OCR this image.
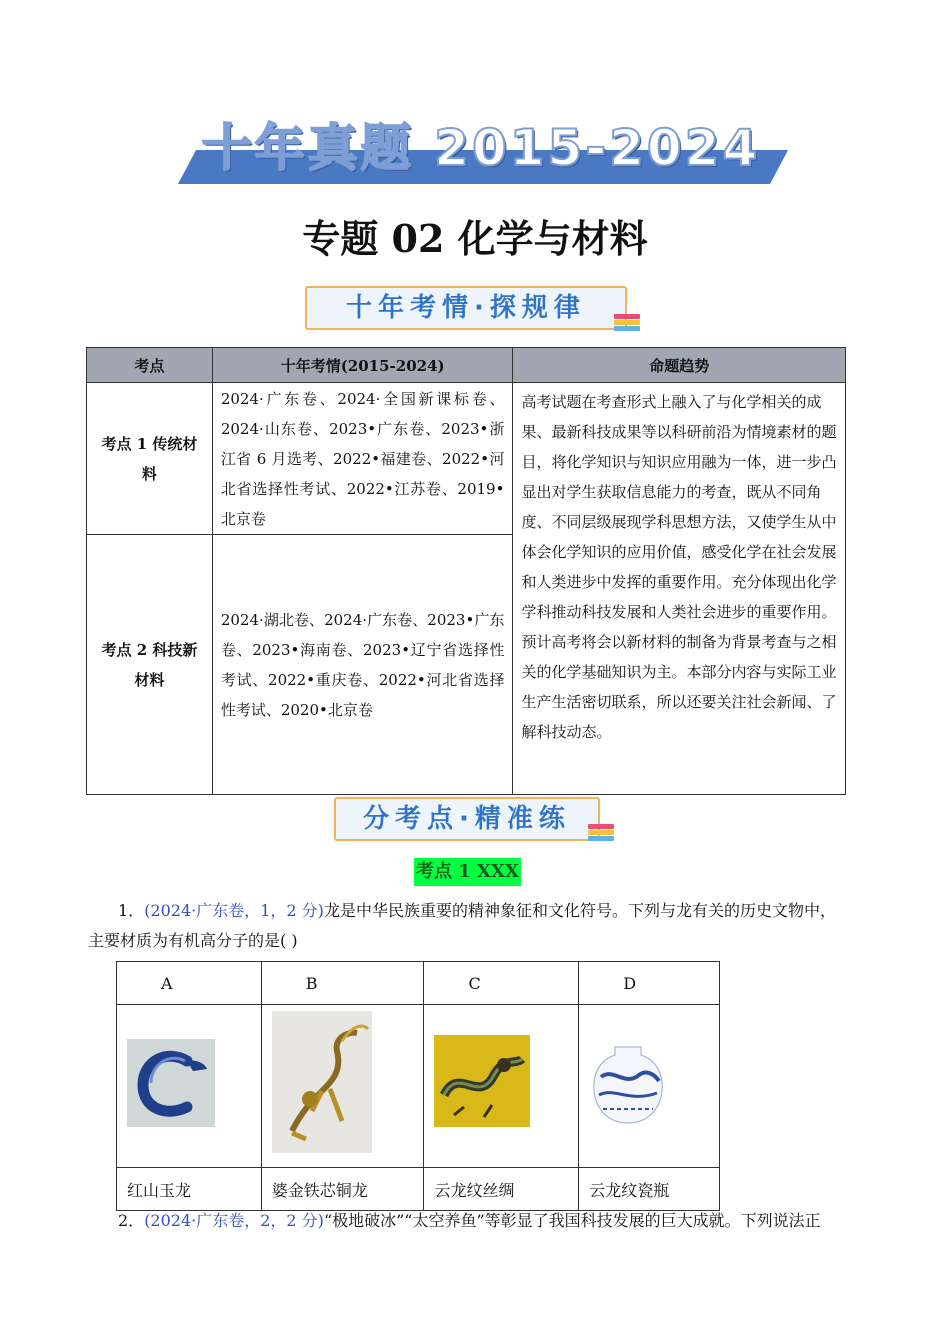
十年真题 2015-2024
专题 02 化学与材料
十年考情·探规律
考点	十年考情(2015-2024)	命题趋势
考点 1 传统材料	2024·广东卷、2024·全国新课标卷、2024·山东卷、2023•广东卷、2023•浙江省 6 月选考、2022•福建卷、2022•河北省选择性考试、2022•江苏卷、2019•北京卷	高考试题在考查形式上融入了与化学相关的成果、最新科技成果等以科研前沿为情境素材的题目，将化学知识与知识应用融为一体，进一步凸显出对学生获取信息能力的考查，既从不同角度、不同层级展现学科思想方法，又使学生从中体会化学知识的应用价值，感受化学在社会发展和人类进步中发挥的重要作用。充分体现出化学学科推动科技发展和人类社会进步的重要作用。预计高考将会以新材料的制备为背景考查与之相关的化学基础知识为主。本部分内容与实际工业生产生活密切联系，所以还要关注社会新闻、了解科技动态。
考点 2 科技新材料	2024·湖北卷、2024·广东卷、2023•广东卷、2023•海南卷、2023•辽宁省选择性考试、2022•重庆卷、2022•河北省选择性考试、2020•北京卷	
分考点·精准练
考点 1 XXX
1．(2024·广东卷，1，2 分)龙是中华民族重要的精神象征和文化符号。下列与龙有关的历史文物中，
主要材质为有机高分子的是( )
A	B	C	D

红山玉龙	婆金铁芯铜龙	云龙纹丝绸	云龙纹瓷瓶
2．(2024·广东卷，2，2 分)“极地破冰”“太空养鱼”等彰显了我国科技发展的巨大成就。下列说法正
